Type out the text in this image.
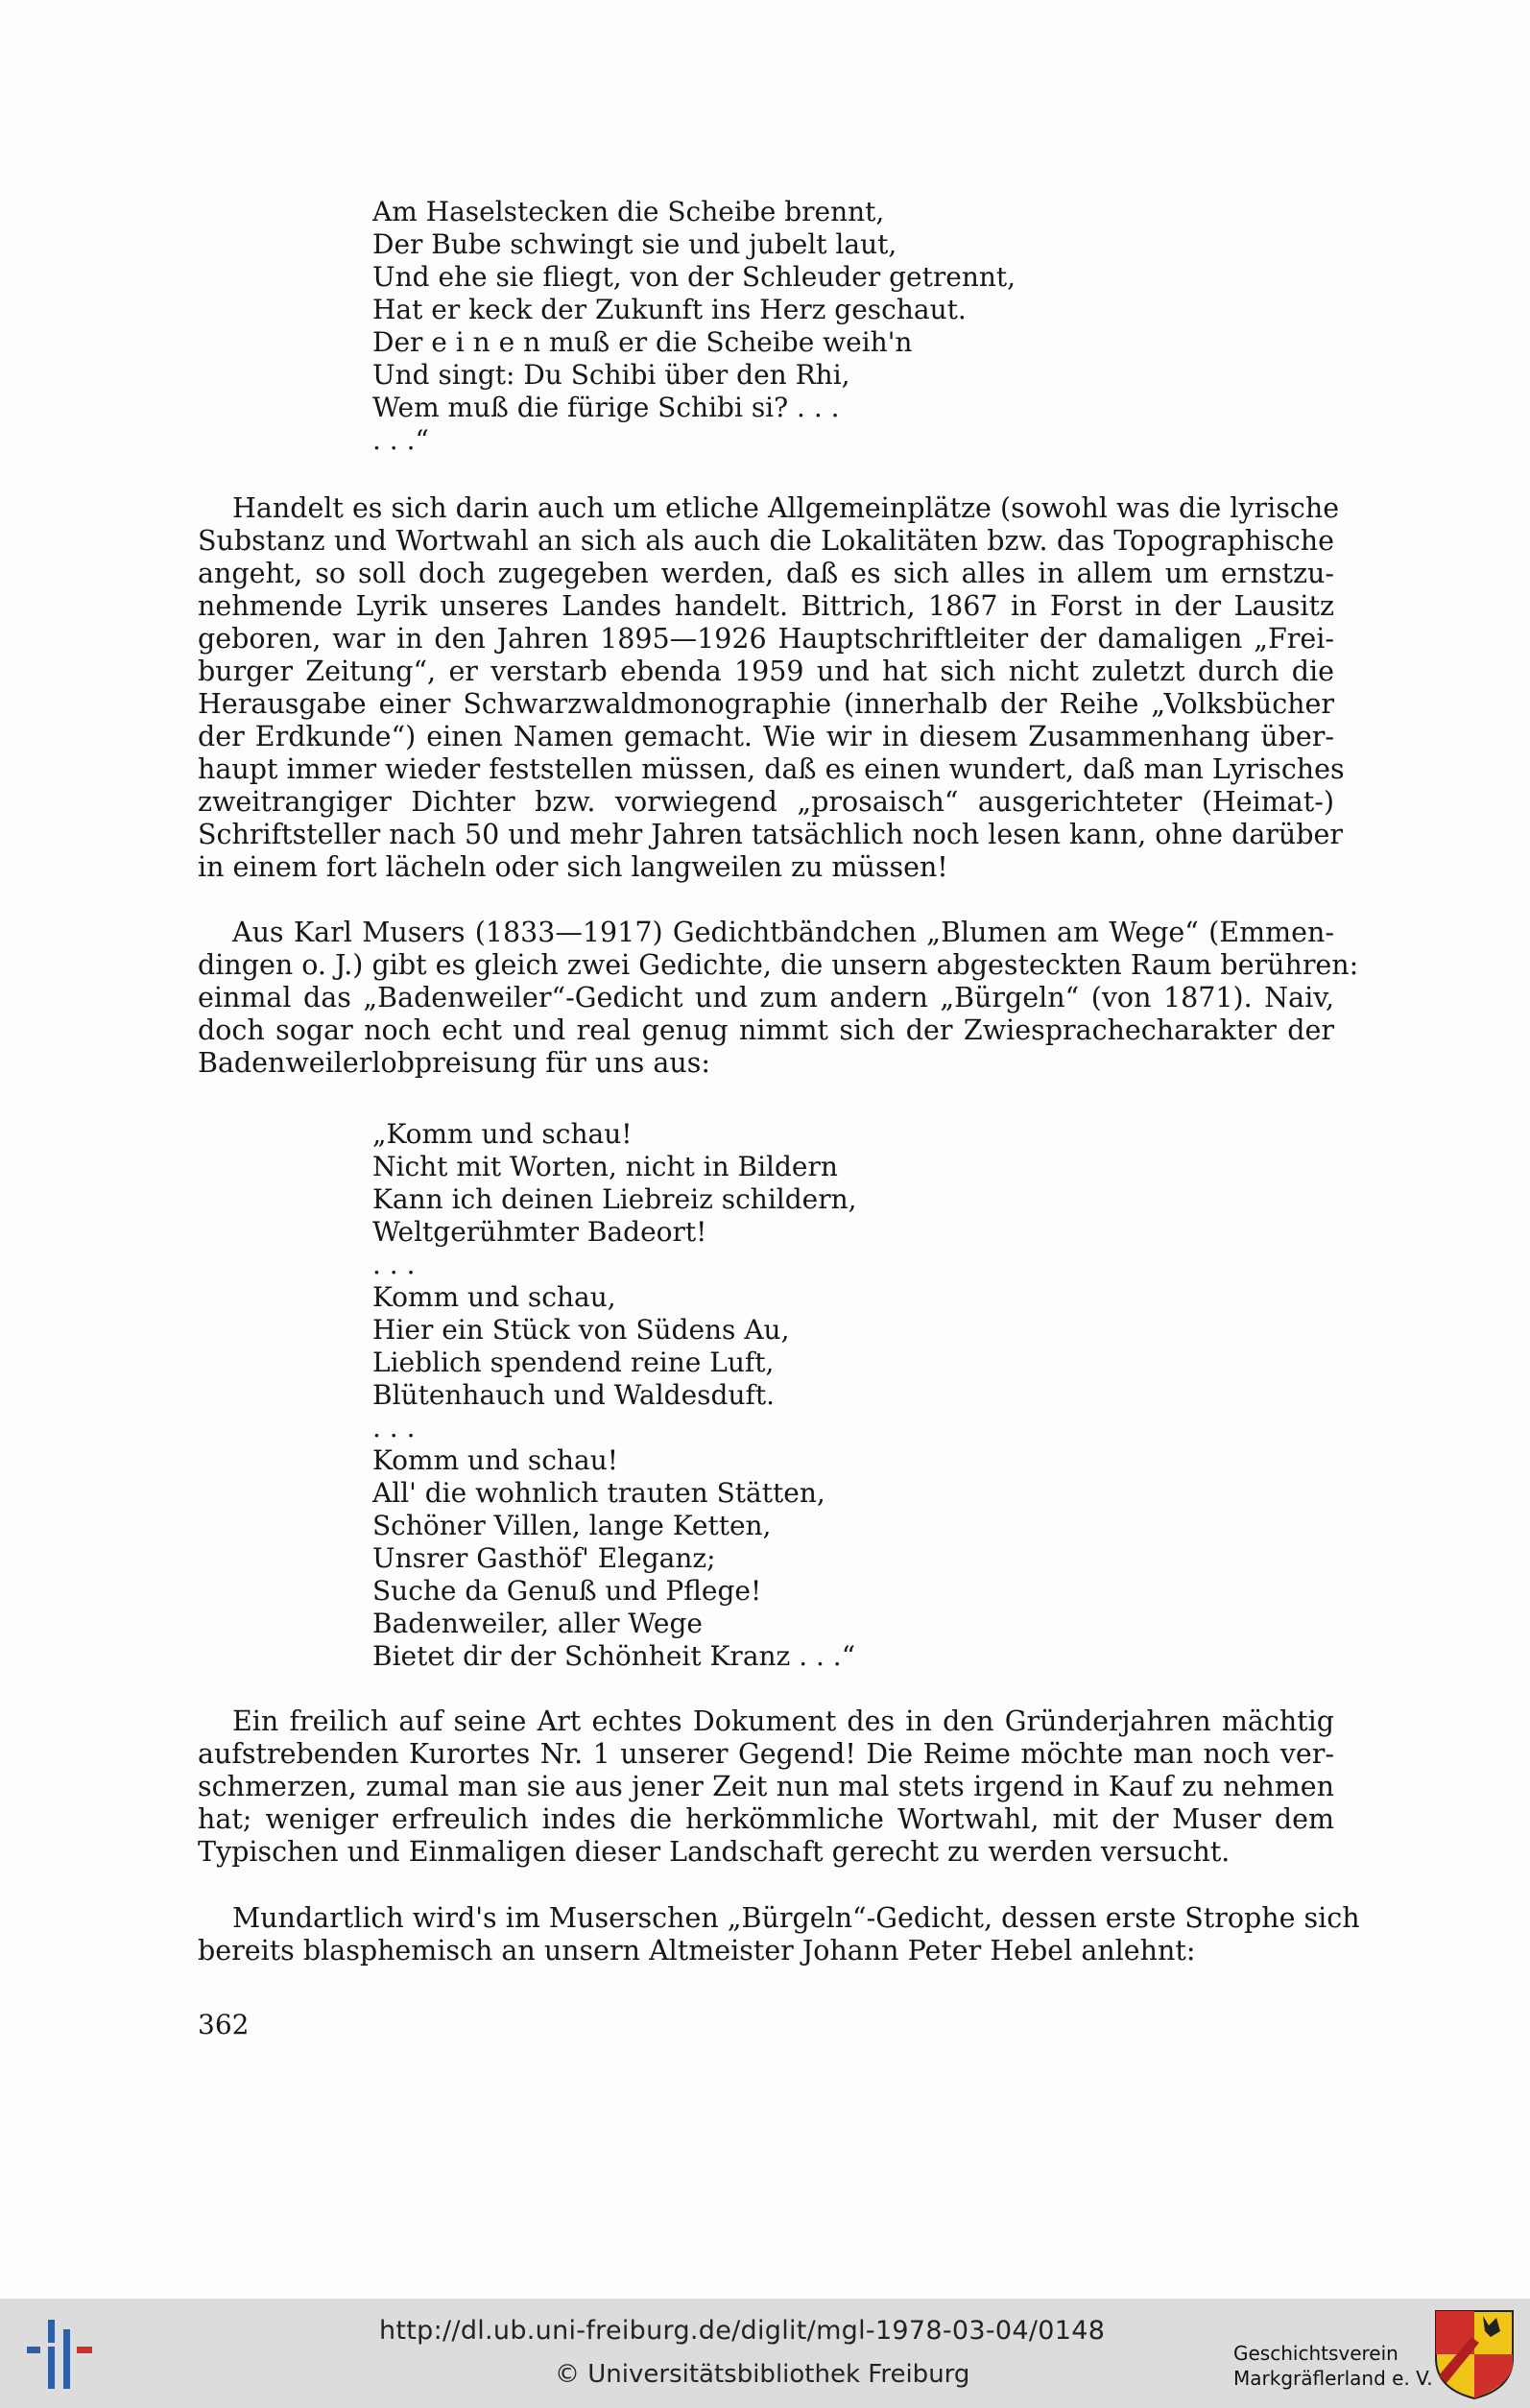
Am Haselstecken die Scheibe brennt,
Der Bube schwingt sie und jubelt laut,
Und ehe sie fliegt, von der Schleuder getrennt,
Hat er keck der Zukunft ins Herz geschaut.
Der e i n e n muß er die Scheibe weih'n
Und singt: Du Schibi über den Rhi,
Wem muß die fürige Schibi si? . . .
. . .“
Handelt es sich darin auch um etliche Allgemeinplätze (sowohl was die lyrische
Substanz und Wortwahl an sich als auch die Lokalitäten bzw. das Topographische
angeht, so soll doch zugegeben werden, daß es sich alles in allem um ernstzu-
nehmende Lyrik unseres Landes handelt. Bittrich, 1867 in Forst in der Lausitz
geboren, war in den Jahren 1895—1926 Hauptschriftleiter der damaligen „Frei-
burger Zeitung“, er verstarb ebenda 1959 und hat sich nicht zuletzt durch die
Herausgabe einer Schwarzwaldmonographie (innerhalb der Reihe „Volksbücher
der Erdkunde“) einen Namen gemacht. Wie wir in diesem Zusammenhang über-
haupt immer wieder feststellen müssen, daß es einen wundert, daß man Lyrisches
zweitrangiger Dichter bzw. vorwiegend „prosaisch“ ausgerichteter (Heimat-)
Schriftsteller nach 50 und mehr Jahren tatsächlich noch lesen kann, ohne darüber
in einem fort lächeln oder sich langweilen zu müssen!
Aus Karl Musers (1833—1917) Gedichtbändchen „Blumen am Wege“ (Emmen-
dingen o. J.) gibt es gleich zwei Gedichte, die unsern abgesteckten Raum berühren:
einmal das „Badenweiler“-Gedicht und zum andern „Bürgeln“ (von 1871). Naiv,
doch sogar noch echt und real genug nimmt sich der Zwiesprachecharakter der
Badenweilerlobpreisung für uns aus:
„Komm und schau!
Nicht mit Worten, nicht in Bildern
Kann ich deinen Liebreiz schildern,
Weltgerühmter Badeort!
. . .
Komm und schau,
Hier ein Stück von Südens Au,
Lieblich spendend reine Luft,
Blütenhauch und Waldesduft.
. . .
Komm und schau!
All' die wohnlich trauten Stätten,
Schöner Villen, lange Ketten,
Unsrer Gasthöf' Eleganz;
Suche da Genuß und Pflege!
Badenweiler, aller Wege
Bietet dir der Schönheit Kranz . . .“
Ein freilich auf seine Art echtes Dokument des in den Gründerjahren mächtig
aufstrebenden Kurortes Nr. 1 unserer Gegend! Die Reime möchte man noch ver-
schmerzen, zumal man sie aus jener Zeit nun mal stets irgend in Kauf zu nehmen
hat; weniger erfreulich indes die herkömmliche Wortwahl, mit der Muser dem
Typischen und Einmaligen dieser Landschaft gerecht zu werden versucht.
Mundartlich wird's im Muserschen „Bürgeln“-Gedicht, dessen erste Strophe sich
bereits blasphemisch an unsern Altmeister Johann Peter Hebel anlehnt:
362
http://dl.ub.uni-freiburg.de/diglit/mgl-1978-03-04/0148
© Universitätsbibliothek Freiburg
Geschichtsverein
Markgräflerland e. V.
